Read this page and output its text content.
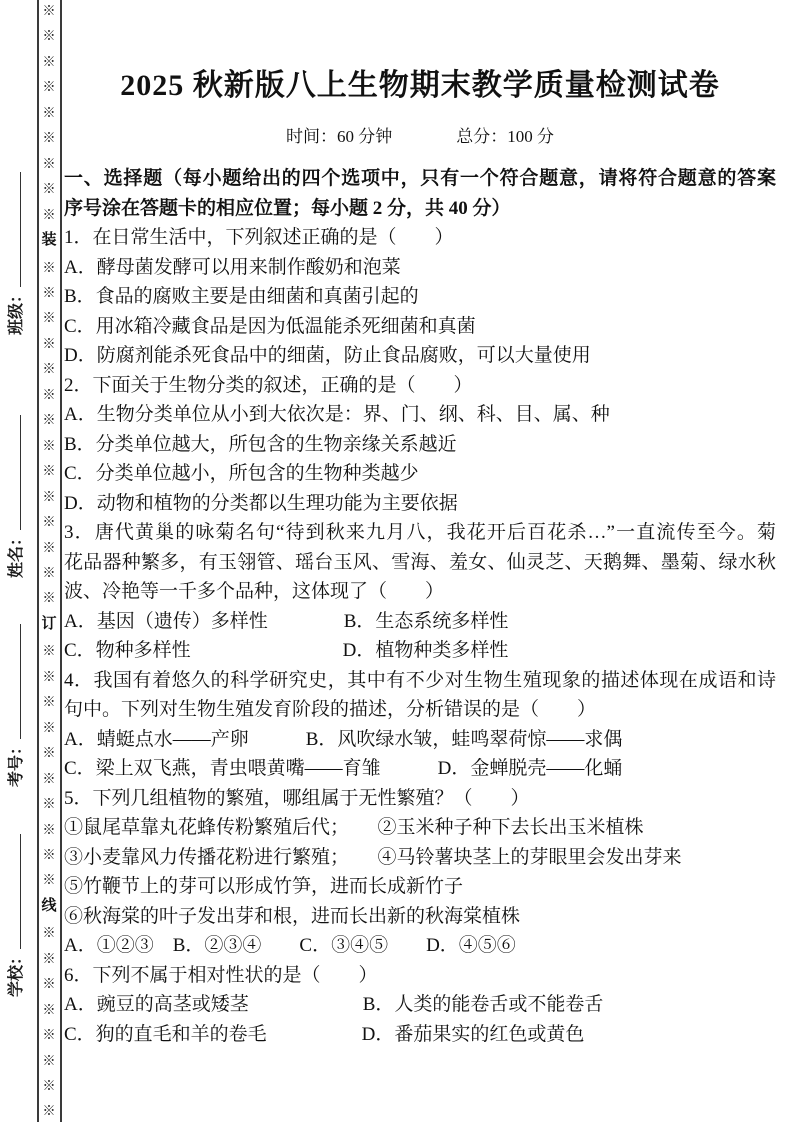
班级：
姓名：
考号：
学校：
※
※
※
※
※
※
※
※
※
装
※
※
※
※
※
※
※
※
※
※
※
※
※
※
订
※
※
※
※
※
※
※
※
※
※
线
※
※
※
※
※
※
※
※
2025 秋新版八上生物期末教学质量检测试卷
时间：60 分钟	总分：100 分
一、选择题（每小题给出的四个选项中，只有一个符合题意，请将符合题意的答案
序号涂在答题卡的相应位置；每小题 2 分，共 40 分）
1．在日常生活中，下列叙述正确的是（　　）
A．酵母菌发酵可以用来制作酸奶和泡菜
B．食品的腐败主要是由细菌和真菌引起的
C．用冰箱冷藏食品是因为低温能杀死细菌和真菌
D．防腐剂能杀死食品中的细菌，防止食品腐败，可以大量使用
2．下面关于生物分类的叙述，正确的是（　　）
A．生物分类单位从小到大依次是：界、门、纲、科、目、属、种
B．分类单位越大，所包含的生物亲缘关系越近
C．分类单位越小，所包含的生物种类越少
D．动物和植物的分类都以生理功能为主要依据
3．唐代黄巢的咏菊名句“待到秋来九月八，我花开后百花杀…”一直流传至今。菊
花品器种繁多，有玉翎管、瑶台玉风、雪海、羞女、仙灵芝、天鹅舞、墨菊、绿水秋
波、冷艳等一千多个品种，这体现了（　　）
A．基因（遗传）多样性　　　　B．生态系统多样性
C．物种多样性　　　　　　　　D．植物种类多样性
4．我国有着悠久的科学研究史，其中有不少对生物生殖现象的描述体现在成语和诗
句中。下列对生物生殖发育阶段的描述，分析错误的是（　　）
A．蜻蜓点水——产卵　　　B．风吹绿水皱，蛙鸣翠荷惊——求偶
C．梁上双飞燕，青虫喂黄嘴——育雏　　　D．金蝉脱壳——化蛹
5．下列几组植物的繁殖，哪组属于无性繁殖？（　　）
①鼠尾草靠丸花蜂传粉繁殖后代；　　②玉米种子种下去长出玉米植株
③小麦靠风力传播花粉进行繁殖；　　④马铃薯块茎上的芽眼里会发出芽来
⑤竹鞭节上的芽可以形成竹笋，进而长成新竹子
⑥秋海棠的叶子发出芽和根，进而长出新的秋海棠植株
A．①②③　B．②③④　　C．③④⑤　　D．④⑤⑥
6．下列不属于相对性状的是（　　）
A．豌豆的高茎或矮茎　　　　　　B．人类的能卷舌或不能卷舌
C．狗的直毛和羊的卷毛　　　　　D．番茄果实的红色或黄色
